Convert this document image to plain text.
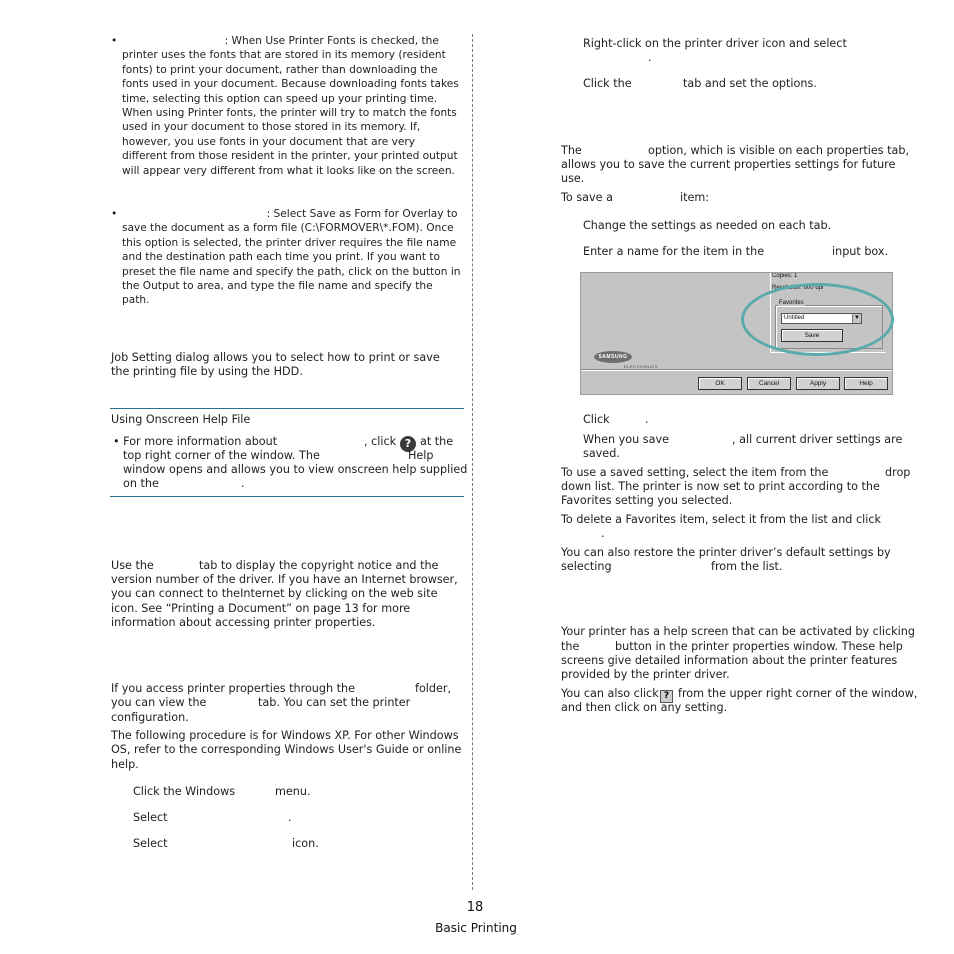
•	: When Use Printer Fonts is checked, the printer uses the fonts that are stored in its memory (resident fonts) to print your document, rather than downloading the fonts used in your document. Because downloading fonts takes time, selecting this option can speed up your printing time. When using Printer fonts, the printer will try to match the fonts used in your document to those stored in its memory. If, however, you use fonts in your document that are very different from those resident in the printer, your printed output will appear very different from what it looks like on the screen.
•	: Select Save as Form for Overlay to save the document as a form file (C:\FORMOVER\*.FOM). Once this option is selected, the printer driver requires the file name and the destination path each time you print. If you want to preset the file name and specify the path, click on the button in the Output to area, and type the file name and specify the path.
Job Setting dialog allows you to select how to print or save the printing file by using the HDD.
Using Onscreen Help File
• For more information about	, click ? at the
top right corner of the window. The	Help
window opens and allows you to view onscreen help supplied
on the	.
Use the	tab to display the copyright notice and the
version number of the driver. If you have an Internet browser, you can connect to theInternet by clicking on the web site icon. See “Printing a Document” on page 13 for more information about accessing printer properties.
If you access printer properties through the	folder,
you can view the	tab. You can set the printer
configuration.
The following procedure is for Windows XP. For other Windows OS, refer to the corresponding Windows User's Guide or online help.
Click the Windows	menu.
Select	.
Select	icon.
Right-click on the printer driver icon and select
.
Click the	tab and set the options.
The	option, which is visible on each properties tab,
allows you to save the current properties settings for future use.
To save a	item:
Change the settings as needed on each tab.
Enter a name for the item in the	input box.
Copies: 1
Resolution: 600 dpi
Favorites
Untitled	▼
Save
SAMSUNG
ELECTRONICS
OK	Cancel	Apply	Help
Click	.
When you save	, all current driver settings are
saved.
To use a saved setting, select the item from the	drop
down list. The printer is now set to print according to the Favorites setting you selected.
To delete a Favorites item, select it from the list and click
.
You can also restore the printer driver’s default settings by
selecting	from the list.
Your printer has a help screen that can be activated by clicking
the	button in the printer properties window. These help
screens give detailed information about the printer features provided by the printer driver.
You can also click ? from the upper right corner of the window,
and then click on any setting.
18
Basic Printing
